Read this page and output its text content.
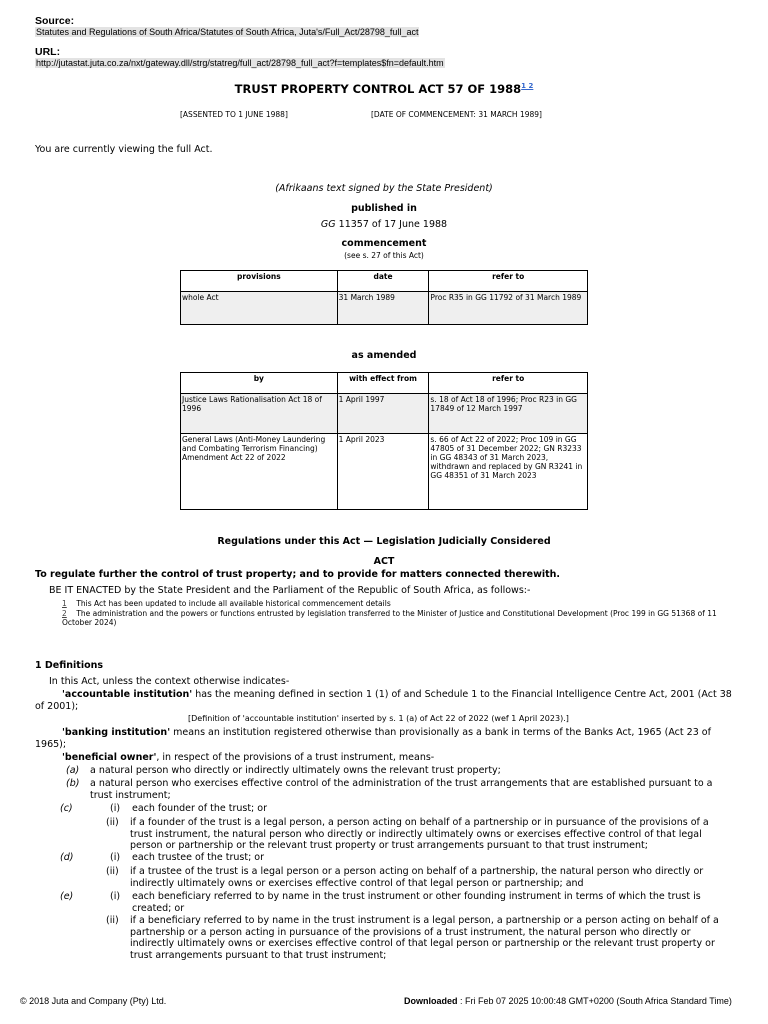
Source:
Statutes and Regulations of South Africa/Statutes of South Africa, Juta's/Full_Act/28798_full_act
URL:
http://jutastat.juta.co.za/nxt/gateway.dll/strg/statreg/full_act/28798_full_act?f=templates$fn=default.htm
TRUST PROPERTY CONTROL ACT 57 OF $1988^{1 2}$
[ASSENTED TO 1 JUNE 1988]	[DATE OF COMMENCEMENT: 31 MARCH 1989]
You are currently viewing the full Act.
(Afrikaans text signed by the State President)
published in
GG 11357 of 17 June 1988
commencement
(see s. 27 of this Act)
provisions	date	refer to
whole Act	31 March 1989	Proc R35 in GG 11792 of 31 March 1989
as amended
by	with effect from	refer to
Justice Laws Rationalisation Act 18 of 1996	1 April 1997	s. 18 of Act 18 of 1996; Proc R23 in GG 17849 of 12 March 1997
General Laws (Anti-Money Laundering and Combating Terrorism Financing) Amendment Act 22 of 2022	1 April 2023	s. 66 of Act 22 of 2022; Proc 109 in GG 47805 of 31 December 2022; GN R3233 in GG 48343 of 31 March 2023, withdrawn and replaced by GN R3241 in GG 48351 of 31 March 2023
Regulations under this Act — Legislation Judicially Considered
ACT
To regulate further the control of trust property; and to provide for matters connected therewith.
BE IT ENACTED by the State President and the Parliament of the Republic of South Africa, as follows:-
1 This Act has been updated to include all available historical commencement details
2 The administration and the powers or functions entrusted by legislation transferred to the Minister of Justice and Constitutional Development (Proc 199 in GG 51368 of 11 October 2024)
1 Definitions
In this Act, unless the context otherwise indicates-
'accountable institution' has the meaning defined in section 1 (1) of and Schedule 1 to the Financial Intelligence Centre Act, 2001 (Act 38 of 2001);
[Definition of 'accountable institution' inserted by s. 1 (a) of Act 22 of 2022 (wef 1 April 2023).]
'banking institution' means an institution registered otherwise than provisionally as a bank in terms of the Banks Act, 1965 (Act 23 of 1965);
'beneficial owner', in respect of the provisions of a trust instrument, means-
(a) a natural person who directly or indirectly ultimately owns the relevant trust property;
(b) a natural person who exercises effective control of the administration of the trust arrangements that are established pursuant to a trust instrument;
(c)	(i) each founder of the trust; or
(ii) if a founder of the trust is a legal person, a person acting on behalf of a partnership or in pursuance of the provisions of a trust instrument, the natural person who directly or indirectly ultimately owns or exercises effective control of that legal person or partnership or the relevant trust property or trust arrangements pursuant to that trust instrument;
(d)	(i) each trustee of the trust; or
(ii) if a trustee of the trust is a legal person or a person acting on behalf of a partnership, the natural person who directly or indirectly ultimately owns or exercises effective control of that legal person or partnership; and
(e)	(i) each beneficiary referred to by name in the trust instrument or other founding instrument in terms of which the trust is created; or
(ii) if a beneficiary referred to by name in the trust instrument is a legal person, a partnership or a person acting on behalf of a partnership or a person acting in pursuance of the provisions of a trust instrument, the natural person who directly or indirectly ultimately owns or exercises effective control of that legal person or partnership or the relevant trust property or trust arrangements pursuant to that trust instrument;
© 2018 Juta and Company (Pty) Ltd.	Downloaded : Fri Feb 07 2025 10:00:48 GMT+0200 (South Africa Standard Time)
